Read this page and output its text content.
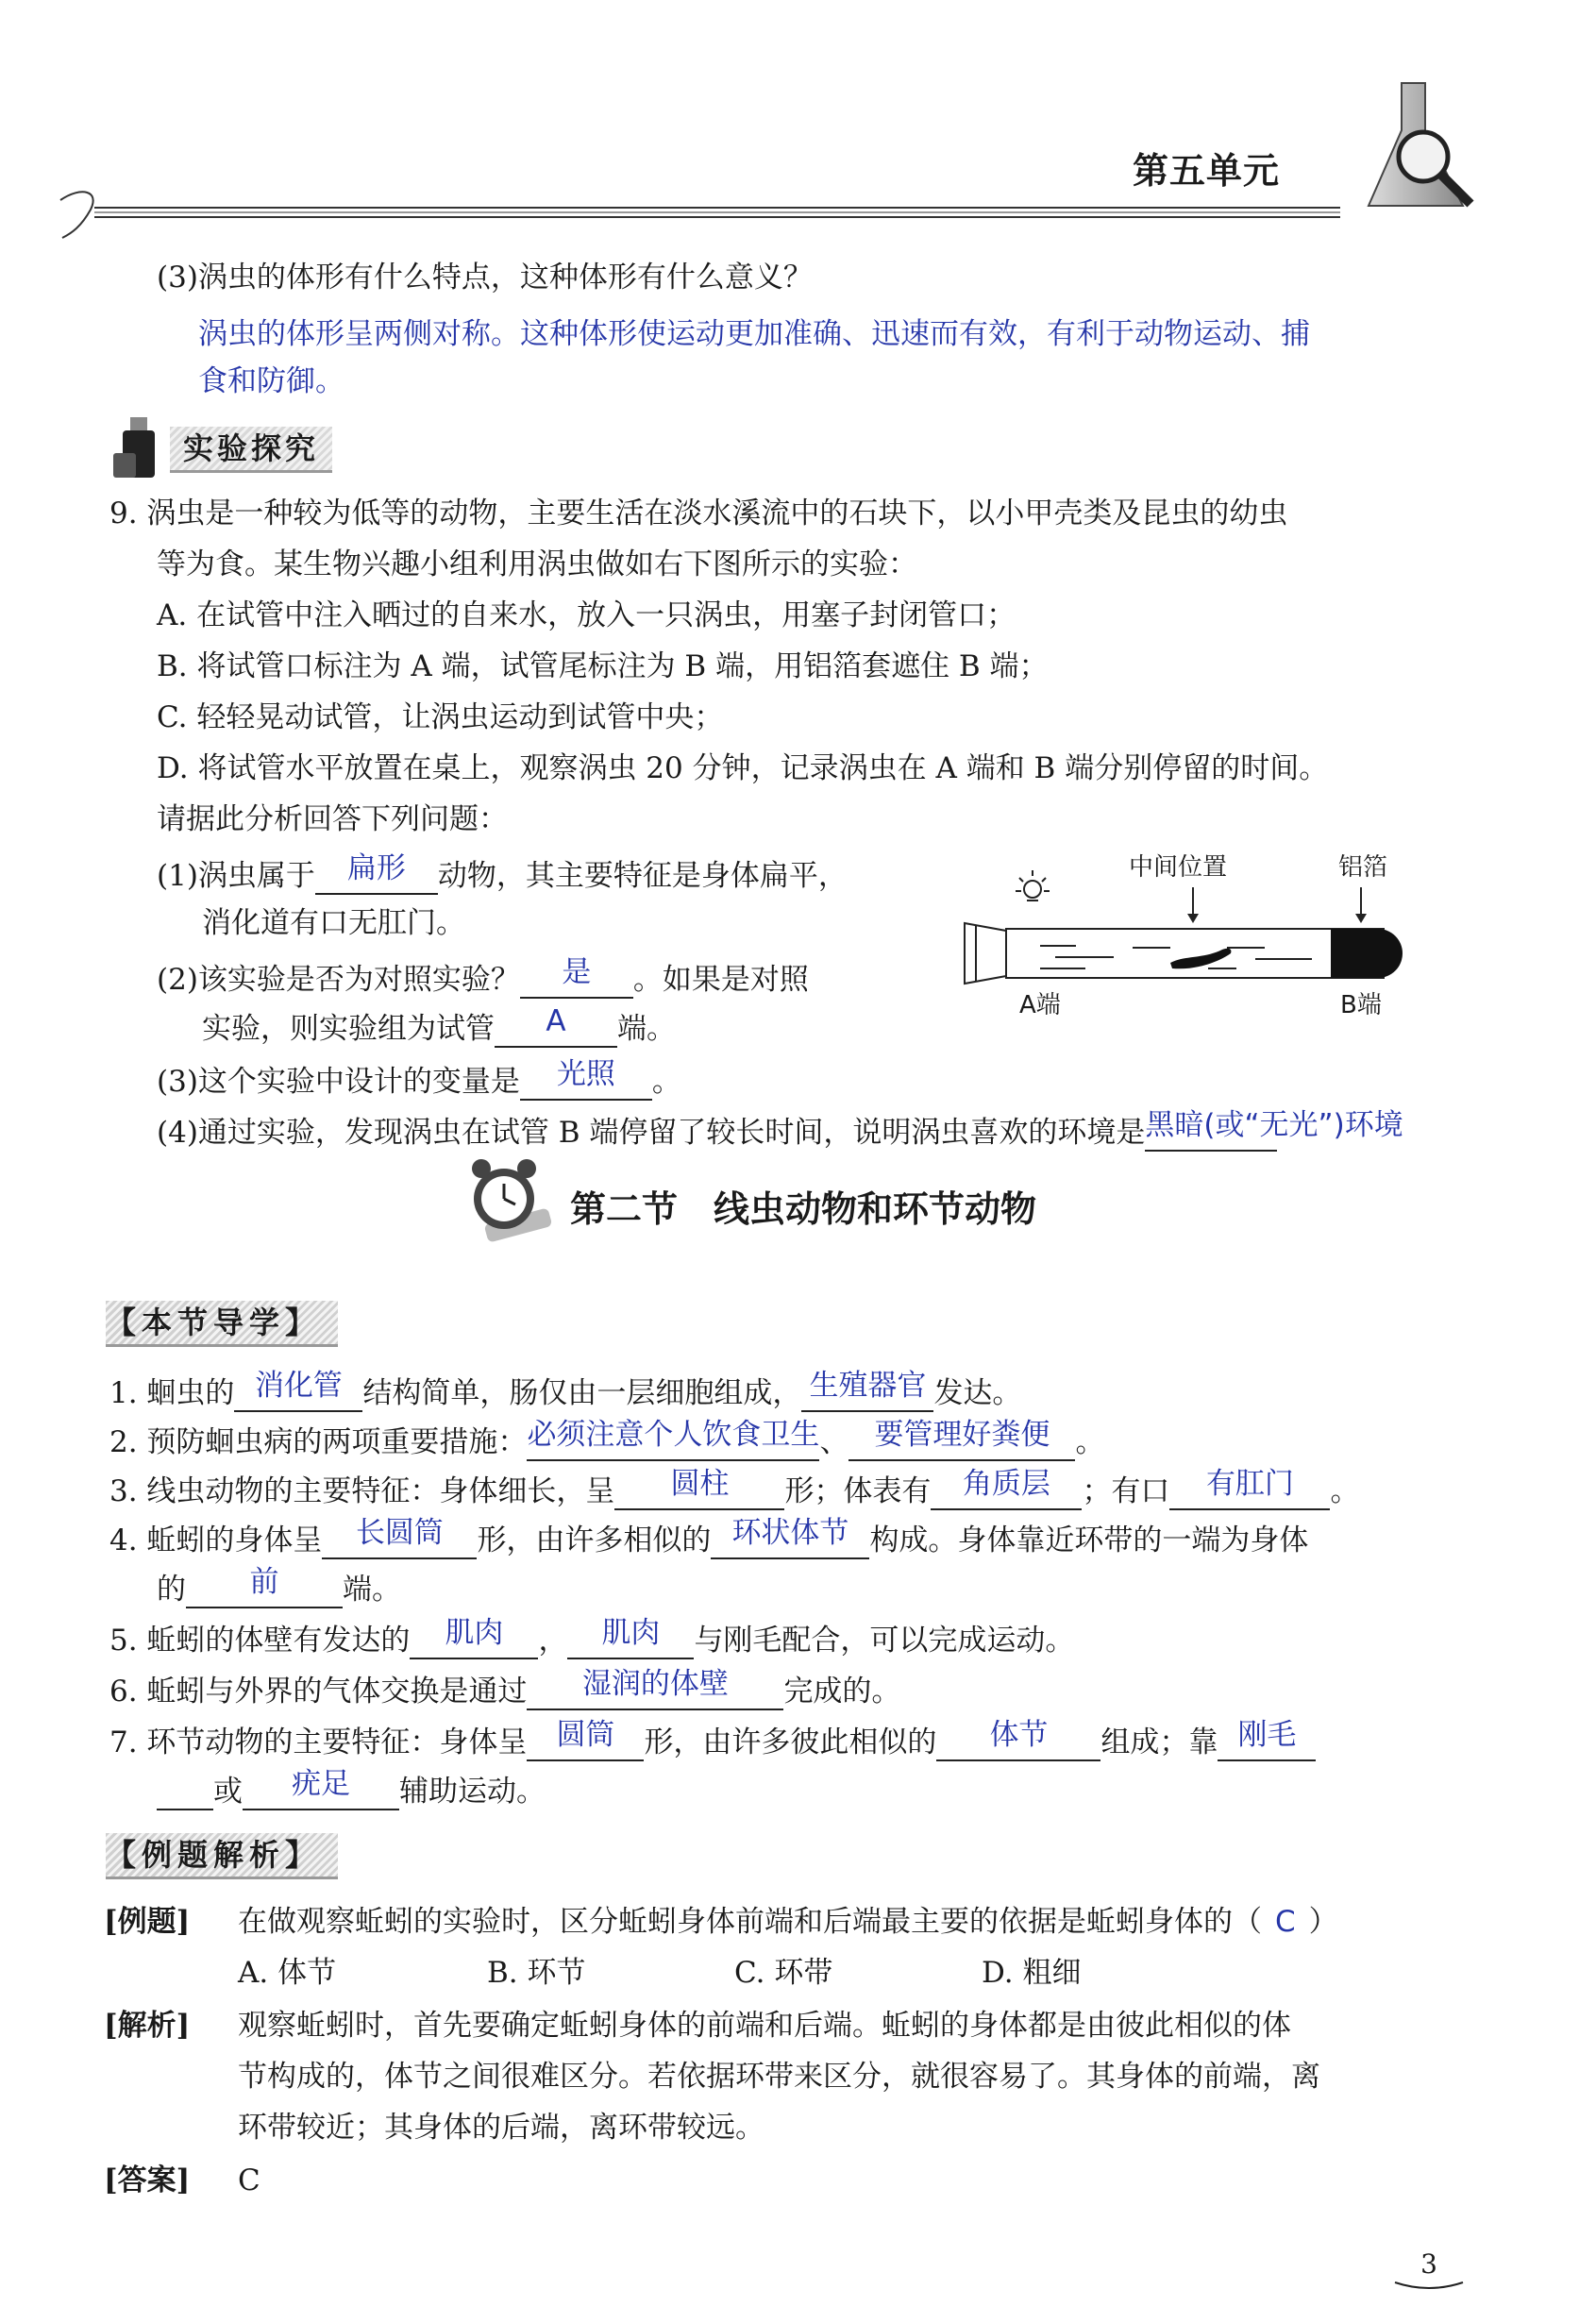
第五单元
(3)涡虫的体形有什么特点，这种体形有什么意义？
涡虫的体形呈两侧对称。这种体形使运动更加准确、迅速而有效，有利于动物运动、捕
食和防御。
实验探究
9. 涡虫是一种较为低等的动物，主要生活在淡水溪流中的石块下，以小甲壳类及昆虫的幼虫
等为食。某生物兴趣小组利用涡虫做如右下图所示的实验：
A. 在试管中注入晒过的自来水，放入一只涡虫，用塞子封闭管口；
B. 将试管口标注为 A 端，试管尾标注为 B 端，用铝箔套遮住 B 端；
C. 轻轻晃动试管，让涡虫运动到试管中央；
D. 将试管水平放置在桌上，观察涡虫 20 分钟，记录涡虫在 A 端和 B 端分别停留的时间。
请据此分析回答下列问题：
(1)涡虫属于	扁形	动物，其主要特征是身体扁平，
消化道有口无肛门。
(2)该实验是否为对照实验？	是	。如果是对照
实验，则实验组为试管	A	端。
(3)这个实验中设计的变量是	光照	。
(4)通过实验，发现涡虫在试管 B 端停留了较长时间，说明涡虫喜欢的环境是 黑暗(或“无光”)环境
中间位置	铝箔
A端	B端
第二节　线虫动物和环节动物
【本节导学】
1. 蛔虫的 消化管 结构简单，肠仅由一层细胞组成， 生殖器官 发达。
2. 预防蛔虫病的两项重要措施： 必须注意个人饮食卫生 、 要管理好粪便 。
3. 线虫动物的主要特征：身体细长，呈	圆柱	形；体表有	角质层	；有口	有肛门	。
4. 蚯蚓的身体呈	长圆筒	形，由许多相似的 环状体节 构成。身体靠近环带的一端为身体
的	前	端。
5. 蚯蚓的体壁有发达的	肌肉	，	肌肉	与刚毛配合，可以完成运动。
6. 蚯蚓与外界的气体交换是通过	湿润的体壁	完成的。
7. 环节动物的主要特征：身体呈	圆筒	形，由许多彼此相似的	体节	组成；靠 刚毛
或	疣足	辅助运动。
【例题解析】
[例题] 在做观察蚯蚓的实验时，区分蚯蚓身体前端和后端最主要的依据是蚯蚓身体的（ C ）
A. 体节	B. 环节	C. 环带	D. 粗细
[解析] 观察蚯蚓时，首先要确定蚯蚓身体的前端和后端。蚯蚓的身体都是由彼此相似的体
节构成的，体节之间很难区分。若依据环带来区分，就很容易了。其身体的前端，离
环带较近；其身体的后端，离环带较远。
[答案] C
3
